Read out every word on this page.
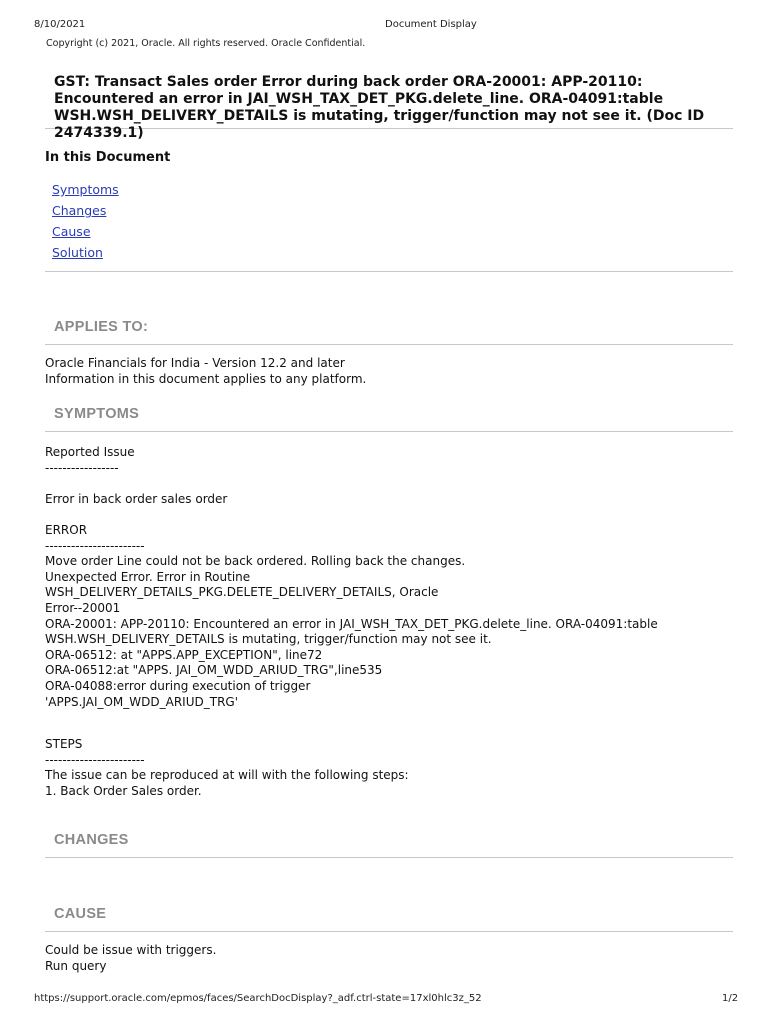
8/10/2021	Document Display
Copyright (c) 2021, Oracle. All rights reserved. Oracle Confidential.
GST: Transact Sales order Error during back order ORA-20001: APP-20110: Encountered an error in JAI_WSH_TAX_DET_PKG.delete_line. ORA-04091:table WSH.WSH_DELIVERY_DETAILS is mutating, trigger/function may not see it. (Doc ID 2474339.1)
In this Document
Symptoms
Changes
Cause
Solution
APPLIES TO:
Oracle Financials for India - Version 12.2 and later
Information in this document applies to any platform.
SYMPTOMS
Reported Issue
-----------------
Error in back order sales order
ERROR
-----------------------
Move order Line could not be back ordered. Rolling back the changes.
Unexpected Error. Error in Routine
WSH_DELIVERY_DETAILS_PKG.DELETE_DELIVERY_DETAILS, Oracle
Error--20001
ORA-20001: APP-20110: Encountered an error in JAI_WSH_TAX_DET_PKG.delete_line. ORA-04091:table
WSH.WSH_DELIVERY_DETAILS is mutating, trigger/function may not see it.
ORA-06512: at "APPS.APP_EXCEPTION", line72
ORA-06512:at "APPS. JAI_OM_WDD_ARIUD_TRG",line535
ORA-04088:error during execution of trigger
'APPS.JAI_OM_WDD_ARIUD_TRG'
STEPS
-----------------------
The issue can be reproduced at will with the following steps:
1. Back Order Sales order.
CHANGES
CAUSE
Could be issue with triggers.
Run query
https://support.oracle.com/epmos/faces/SearchDocDisplay?_adf.ctrl-state=17xl0hlc3z_52	1/2
